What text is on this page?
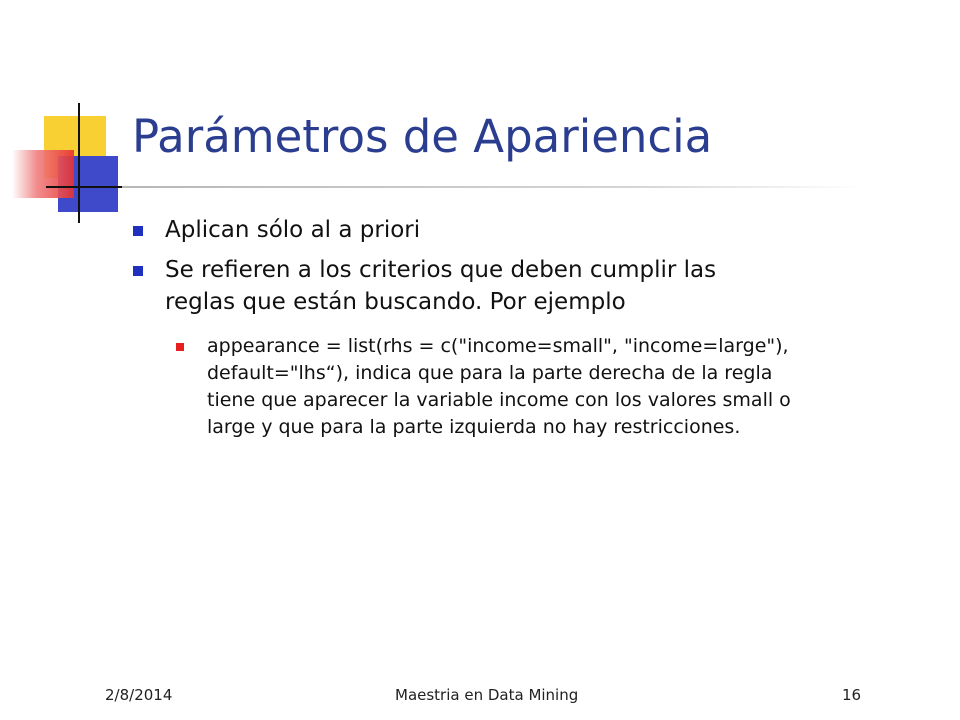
Parámetros de Apariencia
Aplican sólo al a priori
Se refieren a los criterios que deben cumplir las
reglas que están buscando. Por ejemplo
appearance = list(rhs = c("income=small", "income=large"),
default="lhs“), indica que para la parte derecha de la regla
tiene que aparecer la variable income con los valores small o
large y que para la parte izquierda no hay restricciones.
2/8/2014	Maestria en Data Mining	16
